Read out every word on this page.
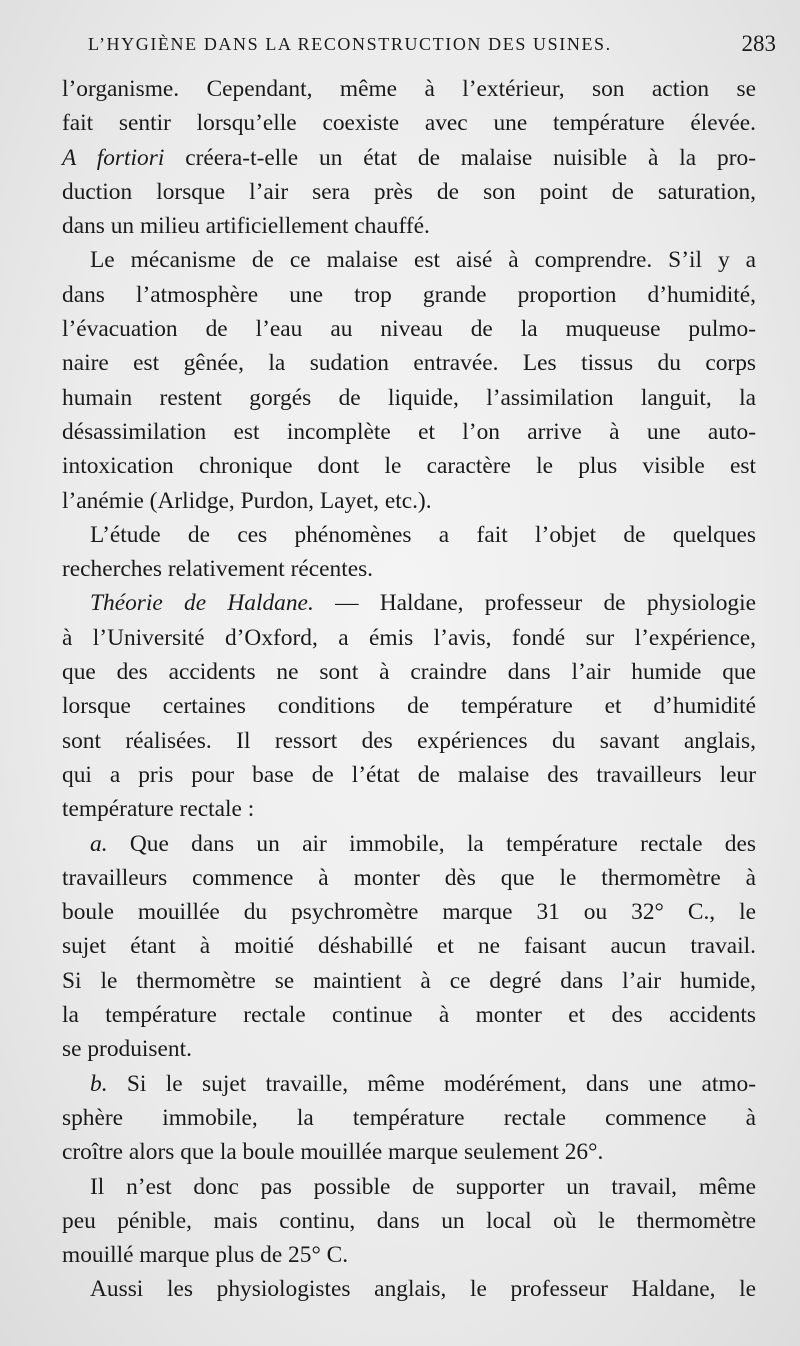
L’HYGIÈNE DANS LA RECONSTRUCTION DES USINES.	283
l’organisme. Cependant, même à l’extérieur, son action se
fait sentir lorsqu’elle coexiste avec une température élevée.
A fortiori créera-t-elle un état de malaise nuisible à la pro-
duction lorsque l’air sera près de son point de saturation,
dans un milieu artificiellement chauffé.
Le mécanisme de ce malaise est aisé à comprendre. S’il y a
dans l’atmosphère une trop grande proportion d’humidité,
l’évacuation de l’eau au niveau de la muqueuse pulmo-
naire est gênée, la sudation entravée. Les tissus du corps
humain restent gorgés de liquide, l’assimilation languit, la
désassimilation est incomplète et l’on arrive à une auto-
intoxication chronique dont le caractère le plus visible est
l’anémie (Arlidge, Purdon, Layet, etc.).
L’étude de ces phénomènes a fait l’objet de quelques
recherches relativement récentes.
Théorie de Haldane. — Haldane, professeur de physiologie
à l’Université d’Oxford, a émis l’avis, fondé sur l’expérience,
que des accidents ne sont à craindre dans l’air humide que
lorsque certaines conditions de température et d’humidité
sont réalisées. Il ressort des expériences du savant anglais,
qui a pris pour base de l’état de malaise des travailleurs leur
température rectale :
a. Que dans un air immobile, la température rectale des
travailleurs commence à monter dès que le thermomètre à
boule mouillée du psychromètre marque 31 ou 32° C., le
sujet étant à moitié déshabillé et ne faisant aucun travail.
Si le thermomètre se maintient à ce degré dans l’air humide,
la température rectale continue à monter et des accidents
se produisent.
b. Si le sujet travaille, même modérément, dans une atmo-
sphère immobile, la température rectale commence à
croître alors que la boule mouillée marque seulement 26°.
Il n’est donc pas possible de supporter un travail, même
peu pénible, mais continu, dans un local où le thermomètre
mouillé marque plus de 25° C.
Aussi les physiologistes anglais, le professeur Haldane, le
